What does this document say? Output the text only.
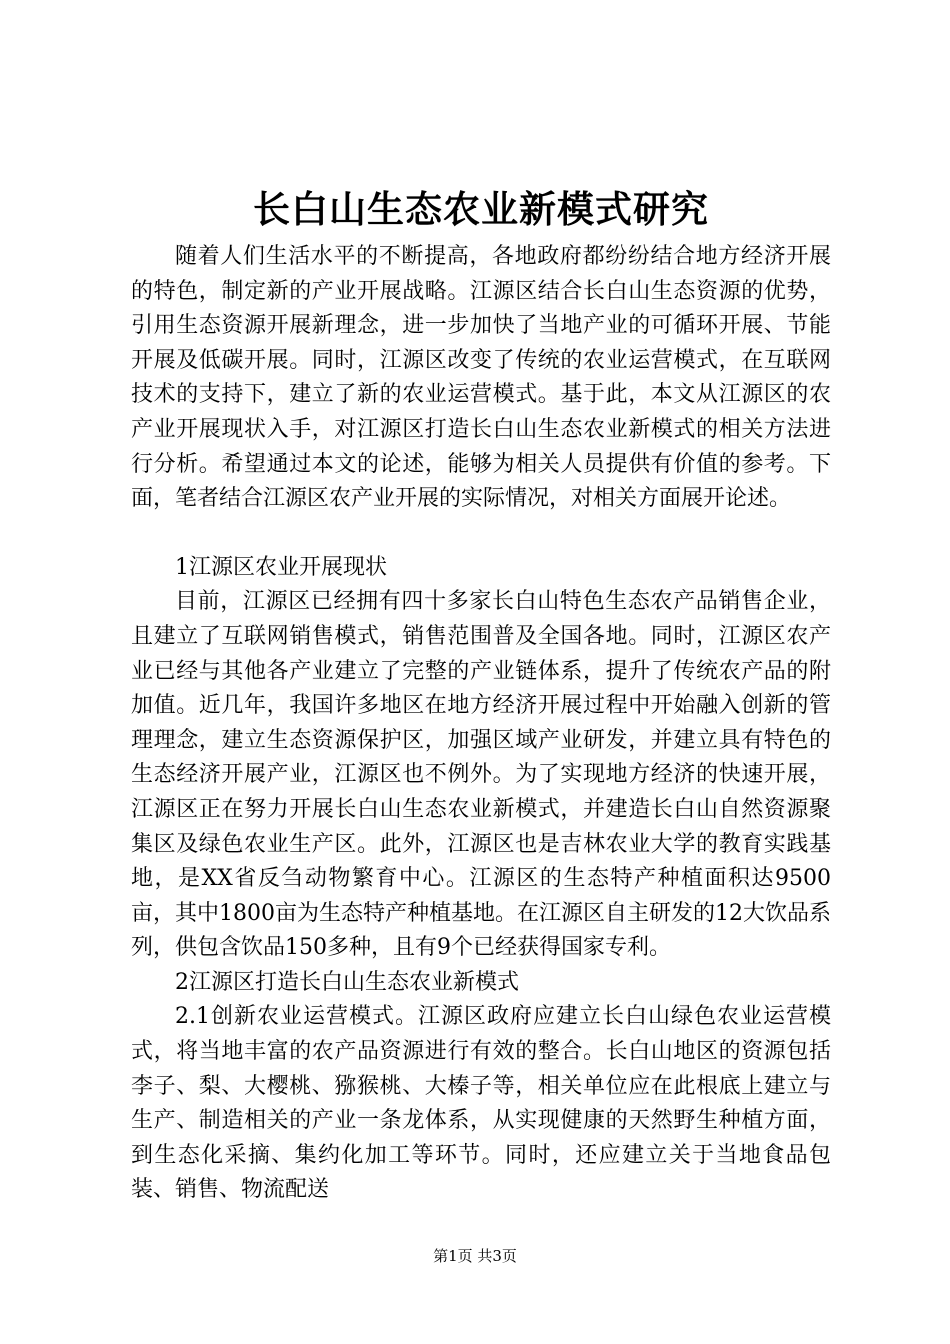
长白山生态农业新模式研究

随着人们生活水平的不断提高，各地政府都纷纷结合地方经济开展的特色，制定新的产业开展战略。江源区结合长白山生态资源的优势，引用生态资源开展新理念，进一步加快了当地产业的可循环开展、节能开展及低碳开展。同时，江源区改变了传统的农业运营模式，在互联网技术的支持下，建立了新的农业运营模式。基于此，本文从江源区的农产业开展现状入手，对江源区打造长白山生态农业新模式的相关方法进行分析。希望通过本文的论述，能够为相关人员提供有价值的参考。下面，笔者结合江源区农产业开展的实际情况，对相关方面展开论述。

1江源区农业开展现状

目前，江源区已经拥有四十多家长白山特色生态农产品销售企业，且建立了互联网销售模式，销售范围普及全国各地。同时，江源区农产业已经与其他各产业建立了完整的产业链体系，提升了传统农产品的附加值。近几年，我国许多地区在地方经济开展过程中开始融入创新的管理理念，建立生态资源保护区，加强区域产业研发，并建立具有特色的生态经济开展产业，江源区也不例外。为了实现地方经济的快速开展，江源区正在努力开展长白山生态农业新模式，并建造长白山自然资源聚集区及绿色农业生产区。此外，江源区也是吉林农业大学的教育实践基地，是XX省反刍动物繁育中心。江源区的生态特产种植面积达9500亩，其中1800亩为生态特产种植基地。在江源区自主研发的12大饮品系列，供包含饮品150多种，且有9个已经获得国家专利。

2江源区打造长白山生态农业新模式

2.1创新农业运营模式。江源区政府应建立长白山绿色农业运营模式，将当地丰富的农产品资源进行有效的整合。长白山地区的资源包括李子、梨、大樱桃、猕猴桃、大榛子等，相关单位应在此根底上建立与生产、制造相关的产业一条龙体系，从实现健康的天然野生种植方面，到生态化采摘、集约化加工等环节。同时，还应建立关于当地食品包装、销售、物流配送

第1页 共3页
